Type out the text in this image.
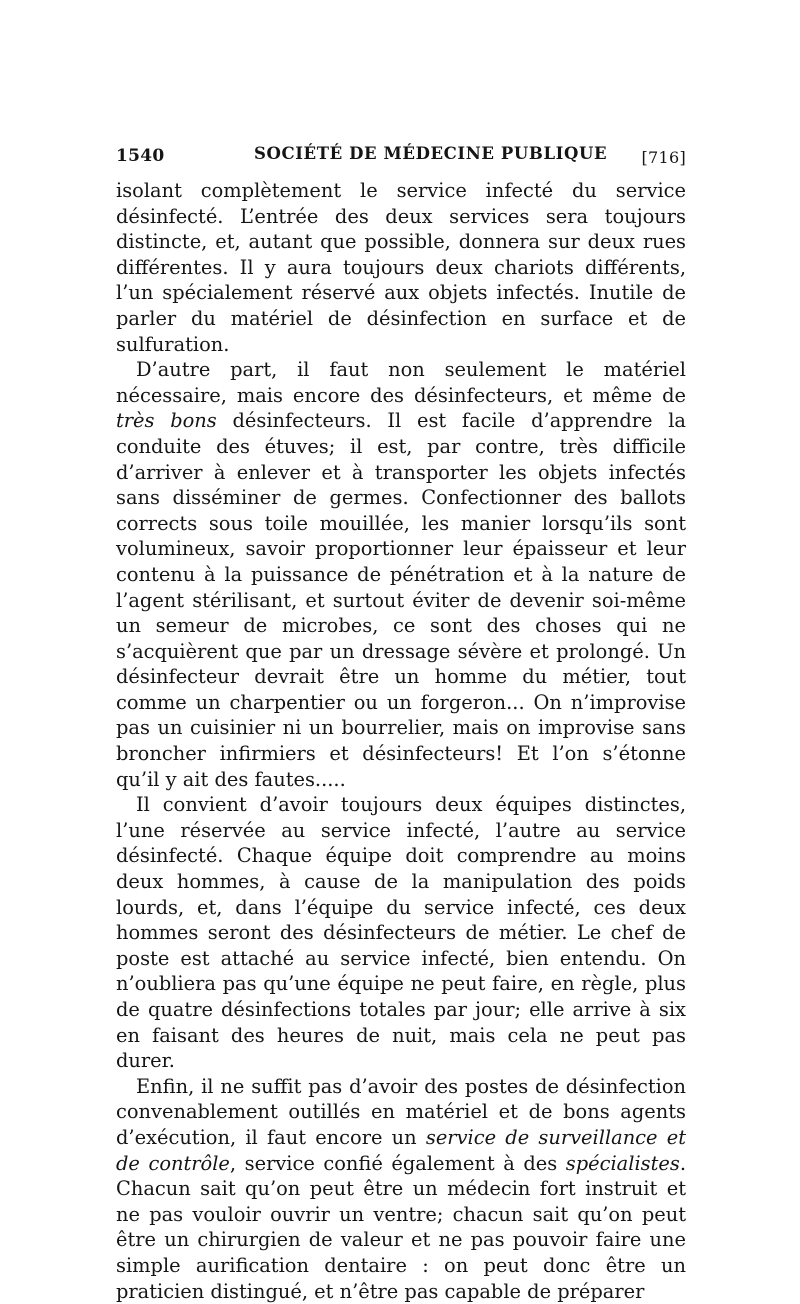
1540	SOCIÉTÉ DE MÉDECINE PUBLIQUE [716]

isolant complètement le service infecté du service désinfecté. L’entrée des deux services sera toujours distincte, et, autant que possible, donnera sur deux rues différentes. Il y aura toujours deux chariots différents, l’un spécialement réservé aux objets infectés. Inutile de parler du matériel de désinfection en surface et de sulfuration.

D’autre part, il faut non seulement le matériel nécessaire, mais encore des désinfecteurs, et même de très bons désinfecteurs. Il est facile d’apprendre la conduite des étuves; il est, par contre, très difficile d’arriver à enlever et à transporter les objets infectés sans disséminer de germes. Confectionner des ballots corrects sous toile mouillée, les manier lorsqu’ils sont volumineux, savoir proportionner leur épaisseur et leur contenu à la puissance de pénétration et à la nature de l’agent stérilisant, et surtout éviter de devenir soi-même un semeur de microbes, ce sont des choses qui ne s’acquièrent que par un dressage sévère et prolongé. Un désinfecteur devrait être un homme du métier, tout comme un charpentier ou un forgeron... On n’improvise pas un cuisinier ni un bourrelier, mais on improvise sans broncher infirmiers et désinfecteurs! Et l’on s’étonne qu’il y ait des fautes.....

Il convient d’avoir toujours deux équipes distinctes, l’une réservée au service infecté, l’autre au service désinfecté. Chaque équipe doit comprendre au moins deux hommes, à cause de la manipulation des poids lourds, et, dans l’équipe du service infecté, ces deux hommes seront des désinfecteurs de métier. Le chef de poste est attaché au service infecté, bien entendu. On n’oubliera pas qu’une équipe ne peut faire, en règle, plus de quatre désinfections totales par jour; elle arrive à six en faisant des heures de nuit, mais cela ne peut pas durer.

Enfin, il ne suffit pas d’avoir des postes de désinfection convenablement outillés en matériel et de bons agents d’exécution, il faut encore un service de surveillance et de contrôle, service confié également à des spécialistes. Chacun sait qu’on peut être un médecin fort instruit et ne pas vouloir ouvrir un ventre; chacun sait qu’on peut être un chirurgien de valeur et ne pas pouvoir faire une simple aurification dentaire : on peut donc être un praticien distingué, et n’être pas capable de préparer
